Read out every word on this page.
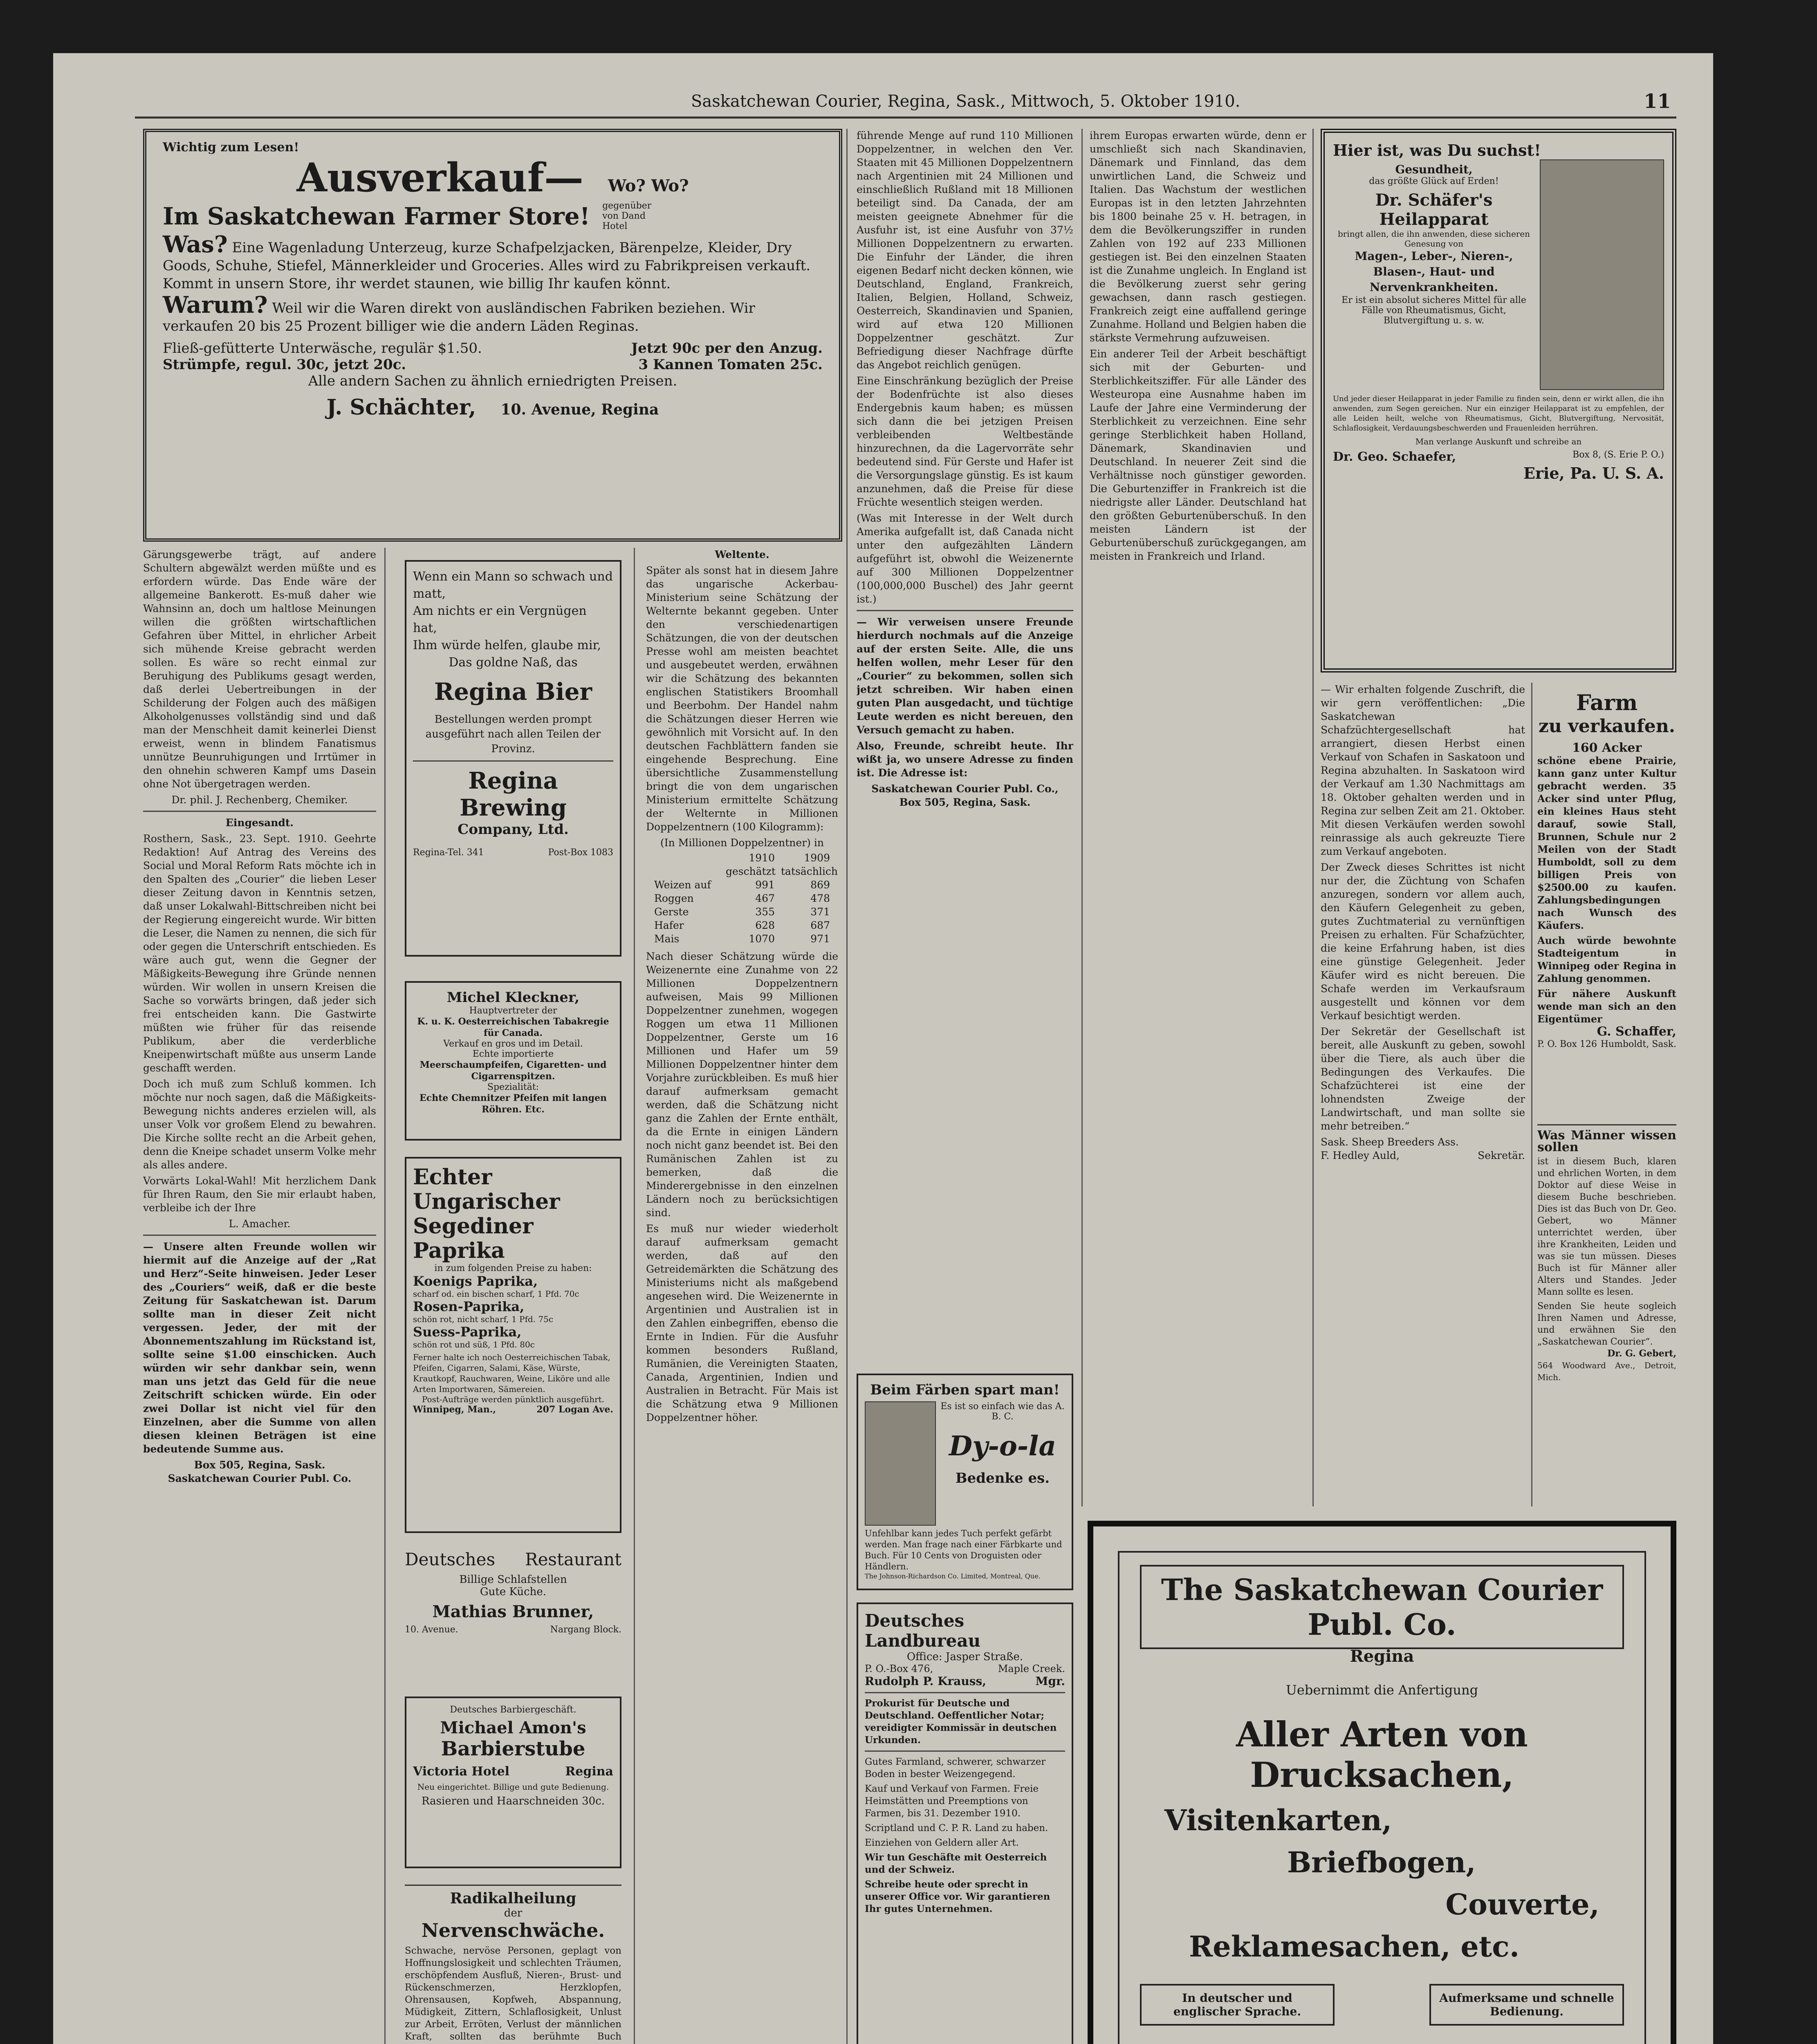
Saskatchewan Courier, Regina, Sask., Mittwoch, 5. Oktober 1910.	11
Wichtig zum Lesen!
Ausverkauf— Wo? Wo?
Im Saskatchewan Farmer Store! gegenüber von Dand Hotel
Was? Eine Wagenladung Unterzeug, kurze Schafpelzjacken, Bärenpelze, Kleider, Dry Goods, Schuhe, Stiefel, Männerkleider und Groceries. Alles wird zu Fabrikpreisen verkauft. Kommt in unsern Store, ihr werdet staunen, wie billig Ihr kaufen könnt.
Warum? Weil wir die Waren direkt von ausländischen Fabriken beziehen. Wir verkaufen 20 bis 25 Prozent billiger wie die andern Läden Reginas.
Fließ-gefütterte Unterwäsche, regulär $1.50.	Jetzt 90c per den Anzug.
Strümpfe, regul. 30c, jetzt 20c.	3 Kannen Tomaten 25c.
Alle andern Sachen zu ähnlich erniedrigten Preisen.
J. Schächter, 10. Avenue, Regina

Gärungsgewerbe trägt, auf andere Schultern abgewälzt werden müßte und es erfordern würde. Das Ende wäre der allgemeine Bankerott. Es-muß daher wie Wahnsinn an, doch um haltlose Meinungen willen die größten wirtschaftlichen Gefahren über Mittel, in ehrlicher Arbeit sich mühende Kreise gebracht werden sollen. Es wäre so recht einmal zur Beruhigung des Publikums gesagt werden, daß derlei Uebertreibungen in der Schilderung der Folgen auch des mäßigen Alkoholgenusses vollständig sind und daß man der Menschheit damit keinerlei Dienst erweist, wenn in blindem Fanatismus unnütze Beunruhigungen und Irrtümer in den ohnehin schweren Kampf ums Dasein ohne Not übergetragen werden.

Dr. phil. J. Rechenberg, Chemiker.

Eingesandt.

Rosthern, Sask., 23. Sept. 1910. Geehrte Redaktion! Auf Antrag des Vereins des Social und Moral Reform Rats möchte ich in den Spalten des „Courier“ die lieben Leser dieser Zeitung davon in Kenntnis setzen, daß unser Lokalwahl-Bittschreiben nicht bei der Regierung eingereicht wurde. Wir bitten die Leser, die Namen zu nennen, die sich für oder gegen die Unterschrift entschieden. Es wäre auch gut, wenn die Gegner der Mäßigkeits-Bewegung ihre Gründe nennen würden. Wir wollen in unsern Kreisen die Sache so vorwärts bringen, daß jeder sich frei entscheiden kann. Die Gastwirte müßten wie früher für das reisende Publikum, aber die verderbliche Kneipenwirtschaft müßte aus unserm Lande geschafft werden.

Doch ich muß zum Schluß kommen. Ich möchte nur noch sagen, daß die Mäßigkeits-Bewegung nichts anderes erzielen will, als unser Volk vor großem Elend zu bewahren. Die Kirche sollte recht an die Arbeit gehen, denn die Kneipe schadet unserm Volke mehr als alles andere.

Vorwärts Lokal-Wahl! Mit herzlichem Dank für Ihren Raum, den Sie mir erlaubt haben, verbleibe ich der Ihre

L. Amacher.

— Unsere alten Freunde wollen wir hiermit auf die Anzeige auf der „Rat und Herz“-Seite hinweisen. Jeder Leser des „Couriers“ weiß, daß er die beste Zeitung für Saskatchewan ist. Darum sollte man in dieser Zeit nicht vergessen. Jeder, der mit der Abonnementszahlung im Rückstand ist, sollte seine $1.00 einschicken. Auch würden wir sehr dankbar sein, wenn man uns jetzt das Geld für die neue Zeitschrift schicken würde. Ein oder zwei Dollar ist nicht viel für den Einzelnen, aber die Summe von allen diesen kleinen Beträgen ist eine bedeutende Summe aus.

Box 505, Regina, Sask.
Saskatchewan Courier Publ. Co.
Wenn ein Mann so schwach und matt,
Am nichts er ein Vergnügen hat,
Ihm würde helfen, glaube mir,
Das goldne Naß, das
Regina Bier
Bestellungen werden prompt ausgeführt nach allen Teilen der Provinz.
Regina Brewing
Company, Ltd.
Regina-Tel. 341	Post-Box 1083
Michel Kleckner,
Hauptvertreter der
K. u. K. Oesterreichischen Tabakregie für Canada.
Verkauf en gros und im Detail.
Echte importierte
Meerschaumpfeifen, Cigaretten- und Cigarrenspitzen.
Spezialität:
Echte Chemnitzer Pfeifen mit langen Röhren. Etc.
Echter
Ungarischer
Segediner
Paprika
in zum folgenden Preise zu haben:
Koenigs Paprika,
scharf od. ein bischen scharf, 1 Pfd. 70c
Rosen-Paprika,
schön rot, nicht scharf, 1 Pfd. 75c
Suess-Paprika,
schön rot und süß, 1 Pfd. 80c
Ferner halte ich noch Oesterreichischen Tabak, Pfeifen, Cigarren, Salami, Käse, Würste, Krautkopf, Rauchwaren, Weine, Liköre und alle Arten Importwaren, Sämereien.
Post-Aufträge werden pünktlich ausgeführt.
Winnipeg, Man.,	207 Logan Ave.
Deutsches Restaurant
Billige Schlafstellen
Gute Küche.
Mathias Brunner,
10. Avenue.	Nargang Block.
Deutsches Barbiergeschäft.
Michael Amon's
Barbierstube
Victoria Hotel	Regina
Neu eingerichtet. Billige und gute Bedienung.
Rasieren und Haarschneiden 30c.
Radikalheilung
der
Nervenschwäche.
Schwache, nervöse Personen, geplagt von Hoffnungslosigkeit und schlechten Träumen, erschöpfendem Ausfluß, Nieren-, Brust- und Rückenschmerzen, Herzklopfen, Ohrensausen, Kopfweh, Abspannung, Müdigkeit, Zittern, Schlaflosigkeit, Unlust zur Arbeit, Erröten, Verlust der männlichen Kraft, sollten das berühmte Buch
Weltente.

Später als sonst hat in diesem Jahre das ungarische Ackerbau-Ministerium seine Schätzung der Welternte bekannt gegeben. Unter den verschiedenartigen Schätzungen, die von der deutschen Presse wohl am meisten beachtet und ausgebeutet werden, erwähnen wir die Schätzung des bekannten englischen Statistikers Broomhall und Beerbohm. Der Handel nahm die Schätzungen dieser Herren wie gewöhnlich mit Vorsicht auf. In den deutschen Fachblättern fanden sie eingehende Besprechung. Eine übersichtliche Zusammenstellung bringt die von dem ungarischen Ministerium ermittelte Schätzung der Welternte in Millionen Doppelzentnern (100 Kilogramm):

(In Millionen Doppelzentner) in
1910 geschätzt
1909 tatsächlich
Weizen auf	991	869
Roggen	467	478
Gerste	355	371
Hafer	628	687
Mais	1070	971

Nach dieser Schätzung würde die Weizenernte eine Zunahme von 22 Millionen Doppelzentnern aufweisen, Mais 99 Millionen Doppelzentner zunehmen, wogegen Roggen um etwa 11 Millionen Doppelzentner, Gerste um 16 Millionen und Hafer um 59 Millionen Doppelzentner hinter dem Vorjahre zurückbleiben. Es muß hier darauf aufmerksam gemacht werden, daß die Schätzung nicht ganz die Zahlen der Ernte enthält, da die Ernte in einigen Ländern noch nicht ganz beendet ist. Bei den Rumänischen Zahlen ist zu bemerken, daß die Minderergebnisse in den einzelnen Ländern noch zu berücksichtigen sind.

Es muß nur wieder wiederholt darauf aufmerksam gemacht werden, daß auf den Getreidemärkten die Schätzung des Ministeriums nicht als maßgebend angesehen wird. Die Weizenernte in Argentinien und Australien ist in den Zahlen einbegriffen, ebenso die Ernte in Indien. Für die Ausfuhr kommen besonders Rußland, Rumänien, die Vereinigten Staaten, Canada, Argentinien, Indien und Australien in Betracht. Für Mais ist die Schätzung etwa 9 Millionen Doppelzentner höher.

führende Menge auf rund 110 Millionen Doppelzentner, in welchen den Ver. Staaten mit 45 Millionen Doppelzentnern nach Argentinien mit 24 Millionen und einschließlich Rußland mit 18 Millionen beteiligt sind. Da Canada, der am meisten geeignete Abnehmer für die Ausfuhr ist, ist eine Ausfuhr von 37½ Millionen Doppelzentnern zu erwarten. Die Einfuhr der Länder, die ihren eigenen Bedarf nicht decken können, wie Deutschland, England, Frankreich, Italien, Belgien, Holland, Schweiz, Oesterreich, Skandinavien und Spanien, wird auf etwa 120 Millionen Doppelzentner geschätzt. Zur Befriedigung dieser Nachfrage dürfte das Angebot reichlich genügen.

Eine Einschränkung bezüglich der Preise der Bodenfrüchte ist also dieses Endergebnis kaum haben; es müssen sich dann die bei jetzigen Preisen verbleibenden Weltbestände hinzurechnen, da die Lagervorräte sehr bedeutend sind. Für Gerste und Hafer ist die Versorgungslage günstig. Es ist kaum anzunehmen, daß die Preise für diese Früchte wesentlich steigen werden.

(Was mit Interesse in der Welt durch Amerika aufgefallt ist, daß Canada nicht unter den aufgezählten Ländern aufgeführt ist, obwohl die Weizenernte auf 300 Millionen Doppelzentner (100,000,000 Buschel) des Jahr geernt ist.)

— Wir verweisen unsere Freunde hierdurch nochmals auf die Anzeige auf der ersten Seite. Alle, die uns helfen wollen, mehr Leser für den „Courier“ zu bekommen, sollen sich jetzt schreiben. Wir haben einen guten Plan ausgedacht, und tüchtige Leute werden es nicht bereuen, den Versuch gemacht zu haben.

Also, Freunde, schreibt heute. Ihr wißt ja, wo unsere Adresse zu finden ist. Die Adresse ist:

Saskatchewan Courier Publ. Co.,
Box 505, Regina, Sask.
Beim Färben spart man!
Es ist so einfach wie das A. B. C.
Dy-o-la
Bedenke es.
Unfehlbar kann jedes Tuch perfekt gefärbt werden. Man frage nach einer Färbkarte und Buch. Für 10 Cents von Droguisten oder Händlern.
The Johnson-Richardson Co. Limited, Montreal, Que.
Deutsches
Landbureau
Office: Jasper Straße.
P. O.-Box 476,	Maple Creek.
Rudolph P. Krauss,	Mgr.
Prokurist für Deutsche und Deutschland. Oeffentlicher Notar; vereidigter Kommissär in deutschen Urkunden.
Gutes Farmland, schwerer, schwarzer Boden in bester Weizengegend.
Kauf und Verkauf von Farmen. Freie Heimstätten und Preemptions von Farmen, bis 31. Dezember 1910.
Scriptland und C. P. R. Land zu haben.
Einziehen von Geldern aller Art.
Wir tun Geschäfte mit Oesterreich und der Schweiz.
Schreibe heute oder sprecht in unserer Office vor. Wir garantieren Ihr gutes Unternehmen.

ihrem Europas erwarten würde, denn er umschließt sich nach Skandinavien, Dänemark und Finnland, das dem unwirtlichen Land, die Schweiz und Italien. Das Wachstum der westlichen Europas ist in den letzten Jahrzehnten bis 1800 beinahe 25 v. H. betragen, in dem die Bevölkerungsziffer in runden Zahlen von 192 auf 233 Millionen gestiegen ist. Bei den einzelnen Staaten ist die Zunahme ungleich. In England ist die Bevölkerung zuerst sehr gering gewachsen, dann rasch gestiegen. Frankreich zeigt eine auffallend geringe Zunahme. Holland und Belgien haben die stärkste Vermehrung aufzuweisen.

Ein anderer Teil der Arbeit beschäftigt sich mit der Geburten- und Sterblichkeitsziffer. Für alle Länder des Westeuropa eine Ausnahme haben im Laufe der Jahre eine Verminderung der Sterblichkeit zu verzeichnen. Eine sehr geringe Sterblichkeit haben Holland, Dänemark, Skandinavien und Deutschland. In neuerer Zeit sind die Verhältnisse noch günstiger geworden. Die Geburtenziffer in Frankreich ist die niedrigste aller Länder. Deutschland hat den größten Geburtenüberschuß. In den meisten Ländern ist der Geburtenüberschuß zurückgegangen, am meisten in Frankreich und Irland.

Hier ist, was Du suchst!
Gesundheit,
das größte Glück auf Erden!
Dr. Schäfer's Heilapparat
bringt allen, die ihn anwenden, diese sicheren Genesung von
Magen-, Leber-, Nieren-, Blasen-, Haut- und Nervenkrankheiten.
Er ist ein absolut sicheres Mittel für alle Fälle von Rheumatismus, Gicht, Blutvergiftung u. s. w.
Und jeder dieser Heilapparat in jeder Familie zu finden sein, denn er wirkt allen, die ihn anwenden, zum Segen gereichen. Nur ein einziger Heilapparat ist zu empfehlen, der alle Leiden heilt, welche von Rheumatismus, Gicht, Blutvergiftung, Nervosität, Schlaflosigkeit, Verdauungsbeschwerden und Frauenleiden herrühren.
Man verlange Auskunft und schreibe an
Dr. Geo. Schaefer,	Box 8, (S. Erie P. O.)
Erie, Pa. U. S. A.

— Wir erhalten folgende Zuschrift, die wir gern veröffentlichen: „Die Saskatchewan Schafzüchtergesellschaft hat arrangiert, diesen Herbst einen Verkauf von Schafen in Saskatoon und Regina abzuhalten. In Saskatoon wird der Verkauf am 1.30 Nachmittags am 18. Oktober gehalten werden und in Regina zur selben Zeit am 21. Oktober. Mit diesen Verkäufen werden sowohl reinrassige als auch gekreuzte Tiere zum Verkauf angeboten.

Der Zweck dieses Schrittes ist nicht nur der, die Züchtung von Schafen anzuregen, sondern vor allem auch, den Käufern Gelegenheit zu geben, gutes Zuchtmaterial zu vernünftigen Preisen zu erhalten. Für Schafzüchter, die keine Erfahrung haben, ist dies eine günstige Gelegenheit. Jeder Käufer wird es nicht bereuen. Die Schafe werden im Verkaufsraum ausgestellt und können vor dem Verkauf besichtigt werden.

Der Sekretär der Gesellschaft ist bereit, alle Auskunft zu geben, sowohl über die Tiere, als auch über die Bedingungen des Verkaufes. Die Schafzüchterei ist eine der lohnendsten Zweige der Landwirtschaft, und man sollte sie mehr betreiben.“

Sask. Sheep Breeders Ass.
F. Hedley Auld,	Sekretär.
Farm
zu verkaufen.
160 Acker
schöne ebene Prairie, kann ganz unter Kultur gebracht werden. 35 Acker sind unter Pflug, ein kleines Haus steht darauf, sowie Stall, Brunnen, Schule nur 2 Meilen von der Stadt Humboldt, soll zu dem billigen Preis von $2500.00 zu kaufen. Zahlungsbedingungen nach Wunsch des Käufers.
Auch würde bewohnte Stadteigentum in Winnipeg oder Regina in Zahlung genommen.
Für nähere Auskunft wende man sich an den Eigentümer
G. Schaffer,
P. O. Box 126 Humboldt, Sask.
Was Männer wissen sollen
ist in diesem Buch, klaren und ehrlichen Worten, in dem Doktor auf diese Weise in diesem Buche beschrieben. Dies ist das Buch von Dr. Geo. Gebert, wo Männer unterrichtet werden, über ihre Krankheiten, Leiden und was sie tun müssen. Dieses Buch ist für Männer aller Alters und Standes. Jeder Mann sollte es lesen.
Senden Sie heute sogleich Ihren Namen und Adresse, und erwähnen Sie den „Saskatchewan Courier“.
Dr. G. Gebert,
564 Woodward Ave., Detroit, Mich.
The Saskatchewan Courier Publ. Co.
Regina
Uebernimmt die Anfertigung
Aller Arten von Drucksachen,
Visitenkarten,
Briefbogen,
Couverte,
Reklamesachen, etc.
In deutscher und englischer Sprache.
Aufmerksame und schnelle Bedienung.
